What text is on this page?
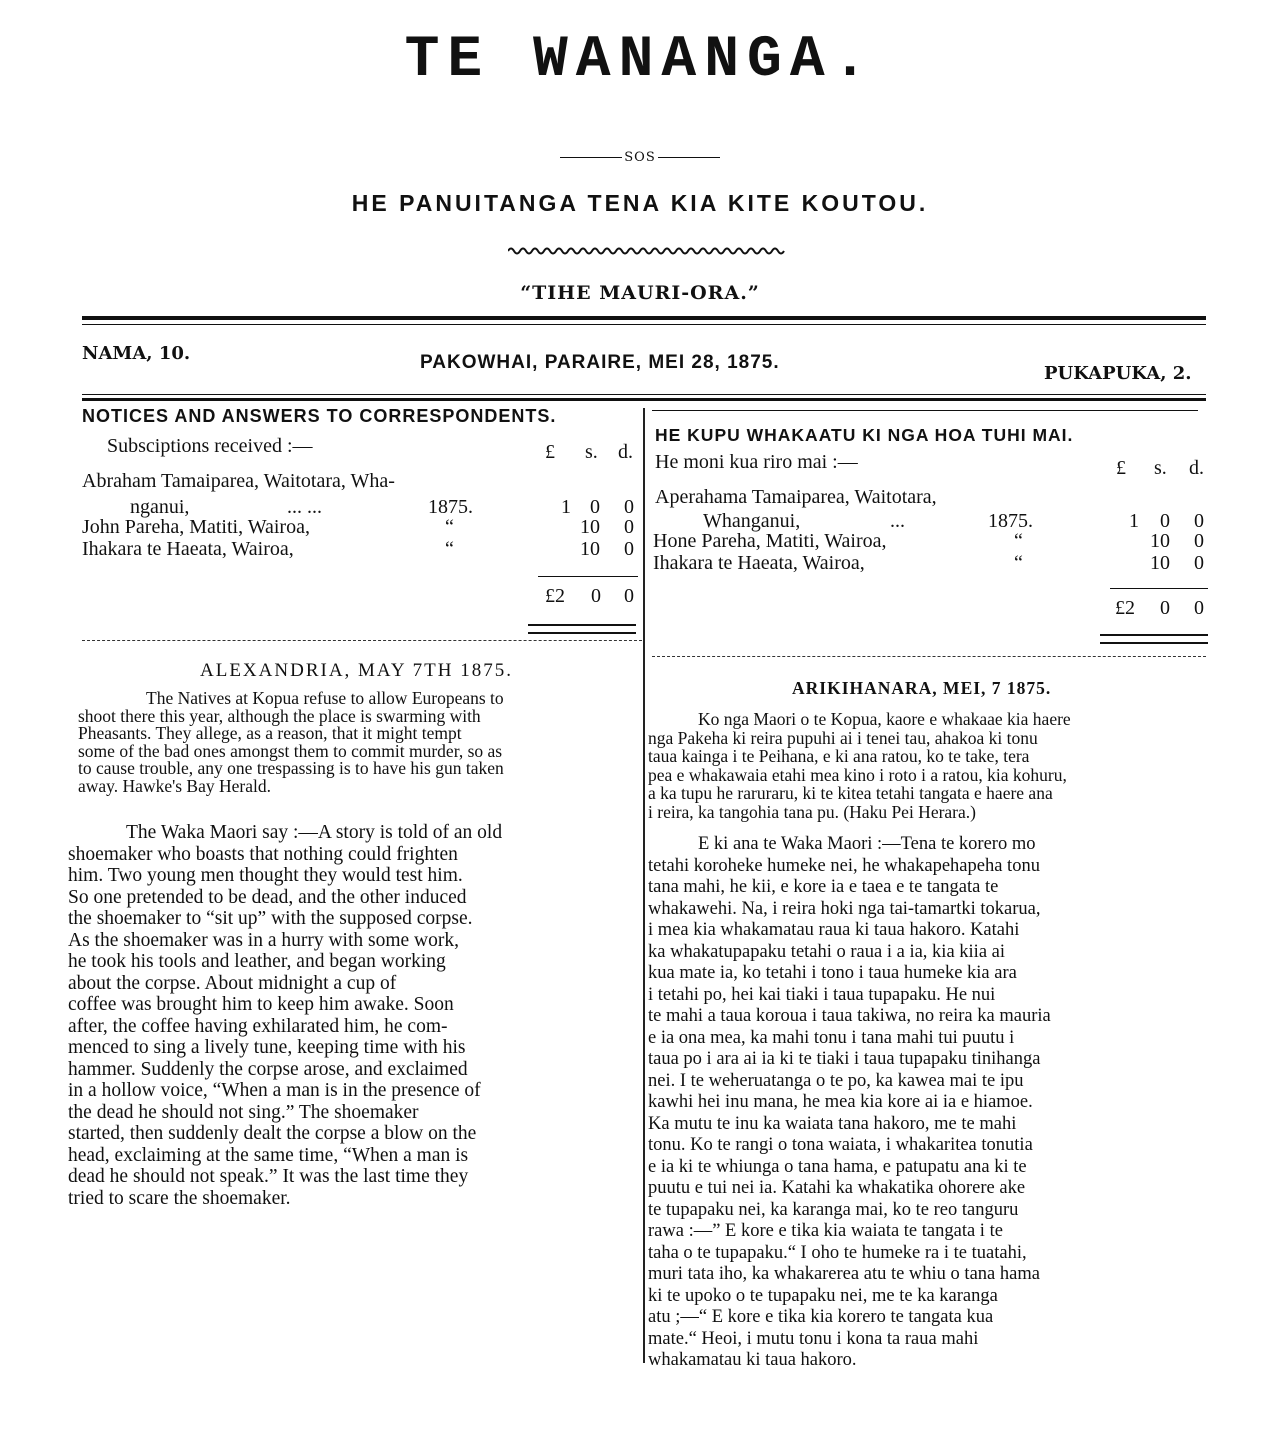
TE WANANGA.
SOS
HE PANUITANGA TENA KIA KITE KOUTOU.
“TIHE MAURI-ORA.”
NAMA, 10.	PAKOWHAI, PARAIRE, MEI 28, 1875.
PUKAPUKA, 2.
NOTICES AND ANSWERS TO CORRESPONDENTS.
Subsciptions received :—	£ s. d.
Abraham Tamaiparea, Waitotara, Wha-
nganui,	... ...	1875.	1 0 0
John Pareha, Matiti, Wairoa,	“	10 0
Ihakara te Haeata, Wairoa,	“	10 0
£2 0 0
ALEXANDRIA, MAY 7TH 1875.
The Natives at Kopua refuse to allow Europeans to
shoot there this year, although the place is swarming with
Pheasants. They allege, as a reason, that it might tempt
some of the bad ones amongst them to commit murder, so as
to cause trouble, any one trespassing is to have his gun taken
away. Hawke's Bay Herald.
The Waka Maori say :—A story is told of an old
shoemaker who boasts that nothing could frighten
him. Two young men thought they would test him.
So one pretended to be dead, and the other induced
the shoemaker to “sit up” with the supposed corpse.
As the shoemaker was in a hurry with some work,
he took his tools and leather, and began working
about the corpse. About midnight a cup of
coffee was brought him to keep him awake. Soon
after, the coffee having exhilarated him, he com-
menced to sing a lively tune, keeping time with his
hammer. Suddenly the corpse arose, and exclaimed
in a hollow voice, “When a man is in the presence of
the dead he should not sing.” The shoemaker
started, then suddenly dealt the corpse a blow on the
head, exclaiming at the same time, “When a man is
dead he should not speak.” It was the last time they
tried to scare the shoemaker.
HE KUPU WHAKAATU KI NGA HOA TUHI MAI.
He moni kua riro mai :—	£ s. d.
Aperahama Tamaiparea, Waitotara,
Whanganui,	...	1875.	1 0 0
Hone Pareha, Matiti, Wairoa,	“	10 0
Ihakara te Haeata, Wairoa,	“	10 0
£2 0 0
ARIKIHANARA, MEI, 7 1875.
Ko nga Maori o te Kopua, kaore e whakaae kia haere
nga Pakeha ki reira pupuhi ai i tenei tau, ahakoa ki tonu
taua kainga i te Peihana, e ki ana ratou, ko te take, tera
pea e whakawaia etahi mea kino i roto i a ratou, kia kohuru,
a ka tupu he raruraru, ki te kitea tetahi tangata e haere ana
i reira, ka tangohia tana pu. (Haku Pei Herara.)
E ki ana te Waka Maori :—Tena te korero mo
tetahi koroheke humeke nei, he whakapehapeha tonu
tana mahi, he kii, e kore ia e taea e te tangata te
whakawehi. Na, i reira hoki nga tai-tamartki tokarua,
i mea kia whakamatau raua ki taua hakoro. Katahi
ka whakatupapaku tetahi o raua i a ia, kia kiia ai
kua mate ia, ko tetahi i tono i taua humeke kia ara
i tetahi po, hei kai tiaki i taua tupapaku. He nui
te mahi a taua koroua i taua takiwa, no reira ka mauria
e ia ona mea, ka mahi tonu i tana mahi tui puutu i
taua po i ara ai ia ki te tiaki i taua tupapaku tinihanga
nei. I te weheruatanga o te po, ka kawea mai te ipu
kawhi hei inu mana, he mea kia kore ai ia e hiamoe.
Ka mutu te inu ka waiata tana hakoro, me te mahi
tonu. Ko te rangi o tona waiata, i whakaritea tonutia
e ia ki te whiunga o tana hama, e patupatu ana ki te
puutu e tui nei ia. Katahi ka whakatika ohorere ake
te tupapaku nei, ka karanga mai, ko te reo tanguru
rawa :—” E kore e tika kia waiata te tangata i te
taha o te tupapaku.“ I oho te humeke ra i te tuatahi,
muri tata iho, ka whakarerea atu te whiu o tana hama
ki te upoko o te tupapaku nei, me te ka karanga
atu ;—“ E kore e tika kia korero te tangata kua
mate.“ Heoi, i mutu tonu i kona ta raua mahi
whakamatau ki taua hakoro.
